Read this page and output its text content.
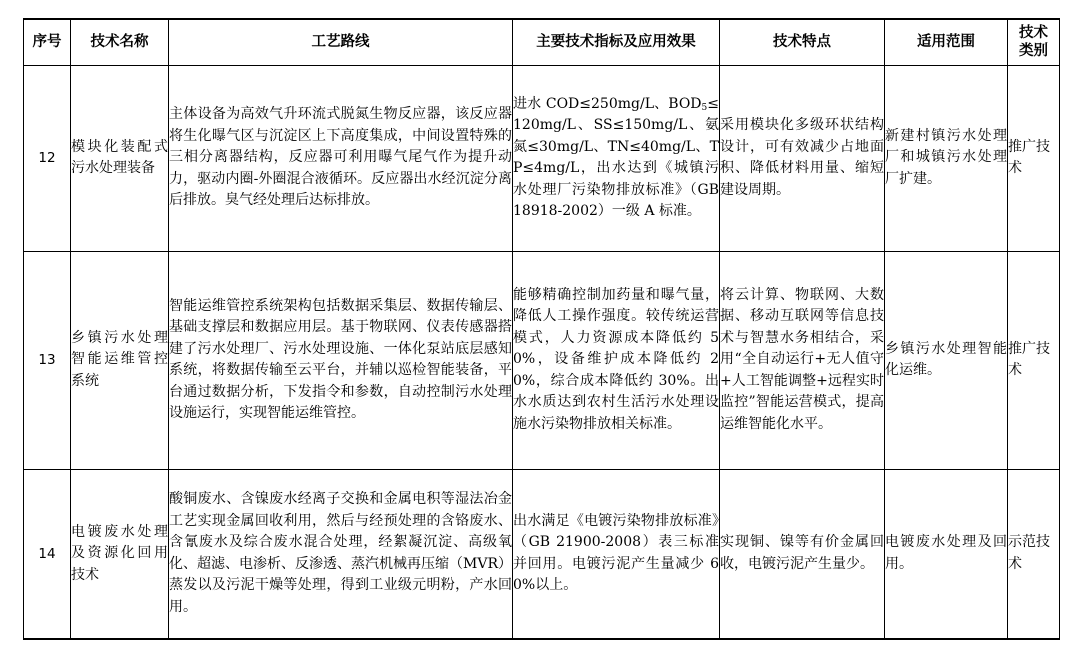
序号	技术名称	工艺路线	主要技术指标及应用效果	技术特点	适用范围	技术类别
12	模块化装配式污水处理装备	主体设备为高效气升环流式脱氮生物反应器，该反应器将生化曝气区与沉淀区上下高度集成，中间设置特殊的三相分离器结构，反应器可利用曝气尾气作为提升动力，驱动内圈-外圈混合液循环。反应器出水经沉淀分离后排放。臭气经处理后达标排放。	进水 COD≤250mg/L、$BOD_5\le 120mg/L$、SS≤150mg/L、氨氮≤30mg/L、TN≤40mg/L、TP≤4mg/L，出水达到《城镇污水处理厂污染物排放标准》（GB 18918-2002）一级 A 标准。	采用模块化多级环状结构设计，可有效减少占地面积、降低材料用量、缩短建设周期。	新建村镇污水处理厂和城镇污水处理厂扩建。	推广技术
13	乡镇污水处理智能运维管控系统	智能运维管控系统架构包括数据采集层、数据传输层、基础支撑层和数据应用层。基于物联网、仪表传感器搭建了污水处理厂、污水处理设施、一体化泵站底层感知系统，将数据传输至云平台，并辅以巡检智能装备，平台通过数据分析，下发指令和参数，自动控制污水处理设施运行，实现智能运维管控。	能够精确控制加药量和曝气量，降低人工操作强度。较传统运营模式，人力资源成本降低约 50%，设备维护成本降低约 20%，综合成本降低约 30%。出水水质达到农村生活污水处理设施水污染物排放相关标准。	将云计算、物联网、大数据、移动互联网等信息技术与智慧水务相结合，采用“全自动运行+无人值守+人工智能调整+远程实时监控”智能运营模式，提高运维智能化水平。	乡镇污水处理智能化运维。	推广技术
14	电镀废水处理及资源化回用技术	酸铜废水、含镍废水经离子交换和金属电积等湿法冶金工艺实现金属回收利用，然后与经预处理的含铬废水、含氰废水及综合废水混合处理，经絮凝沉淀、高级氧化、超滤、电渗析、反渗透、蒸汽机械再压缩（MVR）蒸发以及污泥干燥等处理，得到工业级元明粉，产水回用。	出水满足《电镀污染物排放标准》（GB 21900-2008）表三标准并回用。电镀污泥产生量减少 60%以上。	实现铜、镍等有价金属回收，电镀污泥产生量少。	电镀废水处理及回用。	示范技术
